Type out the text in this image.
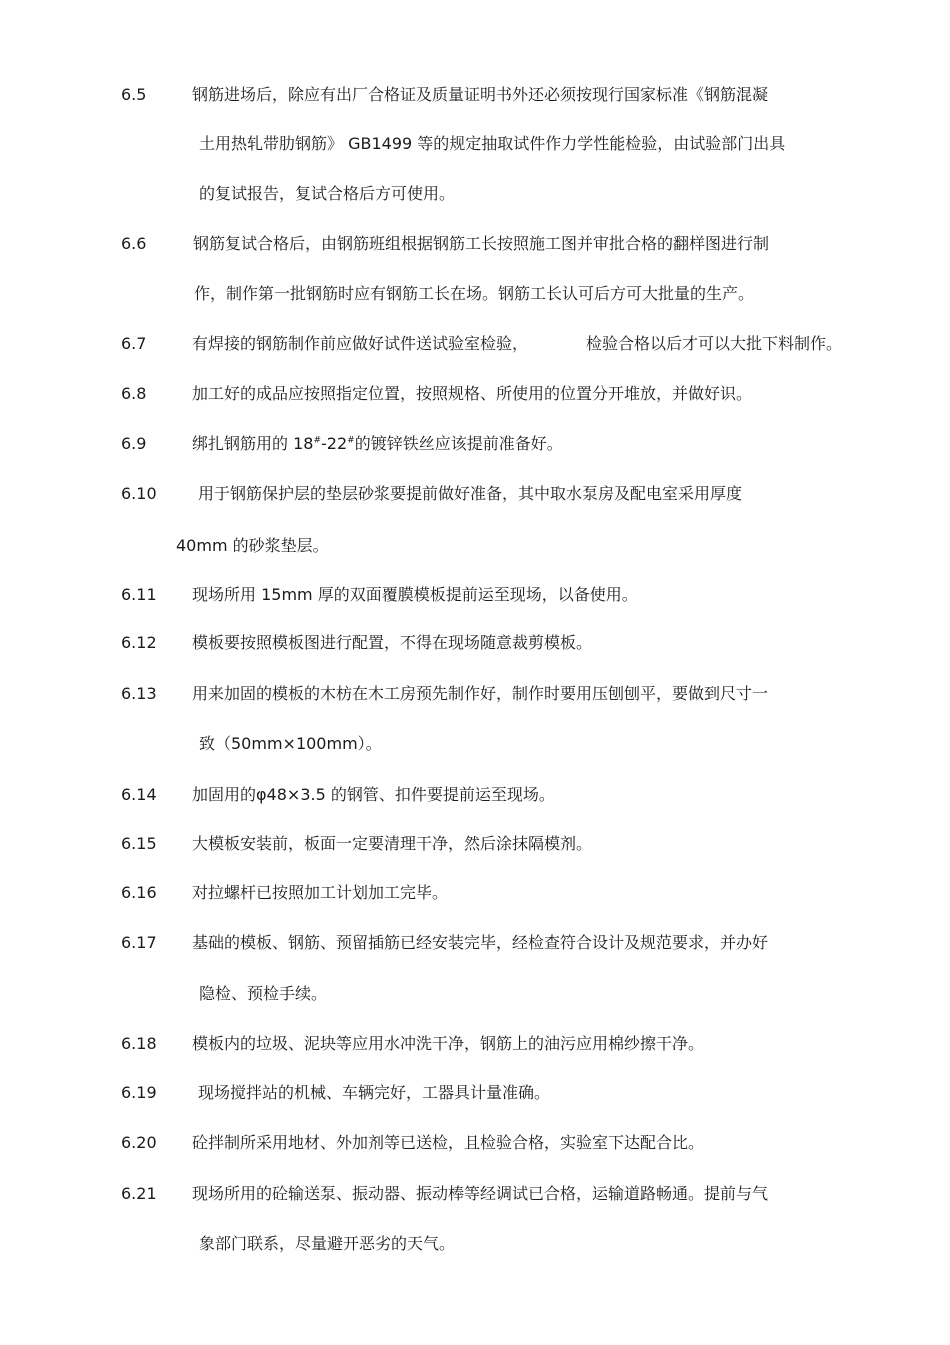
6.5	钢筋进场后，除应有出厂合格证及质量证明书外还必须按现行国家标准《钢筋混凝
土用热轧带肋钢筋》 GB1499 等的规定抽取试件作力学性能检验，由试验部门出具
的复试报告，复试合格后方可使用。
6.6	钢筋复试合格后，由钢筋班组根据钢筋工长按照施工图并审批合格的翻样图进行制
作，制作第一批钢筋时应有钢筋工长在场。钢筋工长认可后方可大批量的生产。
6.7	有焊接的钢筋制作前应做好试件送试验室检验，	检验合格以后才可以大批下料制作。
6.8	加工好的成品应按照指定位置，按照规格、所使用的位置分开堆放，并做好识。
6.9	绑扎钢筋用的 18#-22#的镀锌铁丝应该提前准备好。
6.10	用于钢筋保护层的垫层砂浆要提前做好准备，其中取水泵房及配电室采用厚度
40mm 的砂浆垫层。
6.11 现场所用 15mm 厚的双面覆膜模板提前运至现场，以备使用。
6.12 模板要按照模板图进行配置，不得在现场随意裁剪模板。
6.13 用来加固的模板的木枋在木工房预先制作好，制作时要用压刨刨平，要做到尺寸一
致（50mm×100mm）。
6.14 加固用的φ48×3.5 的钢管、扣件要提前运至现场。
6.15 大模板安装前，板面一定要清理干净，然后涂抹隔模剂。
6.16 对拉螺杆已按照加工计划加工完毕。
6.17 基础的模板、钢筋、预留插筋已经安装完毕，经检查符合设计及规范要求，并办好
隐检、预检手续。
6.18 模板内的垃圾、泥块等应用水冲洗干净，钢筋上的油污应用棉纱擦干净。
6.19	现场搅拌站的机械、车辆完好，工器具计量准确。
6.20 砼拌制所采用地材、外加剂等已送检，且检验合格，实验室下达配合比。
6.21 现场所用的砼输送泵、振动器、振动棒等经调试已合格，运输道路畅通。提前与气
象部门联系，尽量避开恶劣的天气。
